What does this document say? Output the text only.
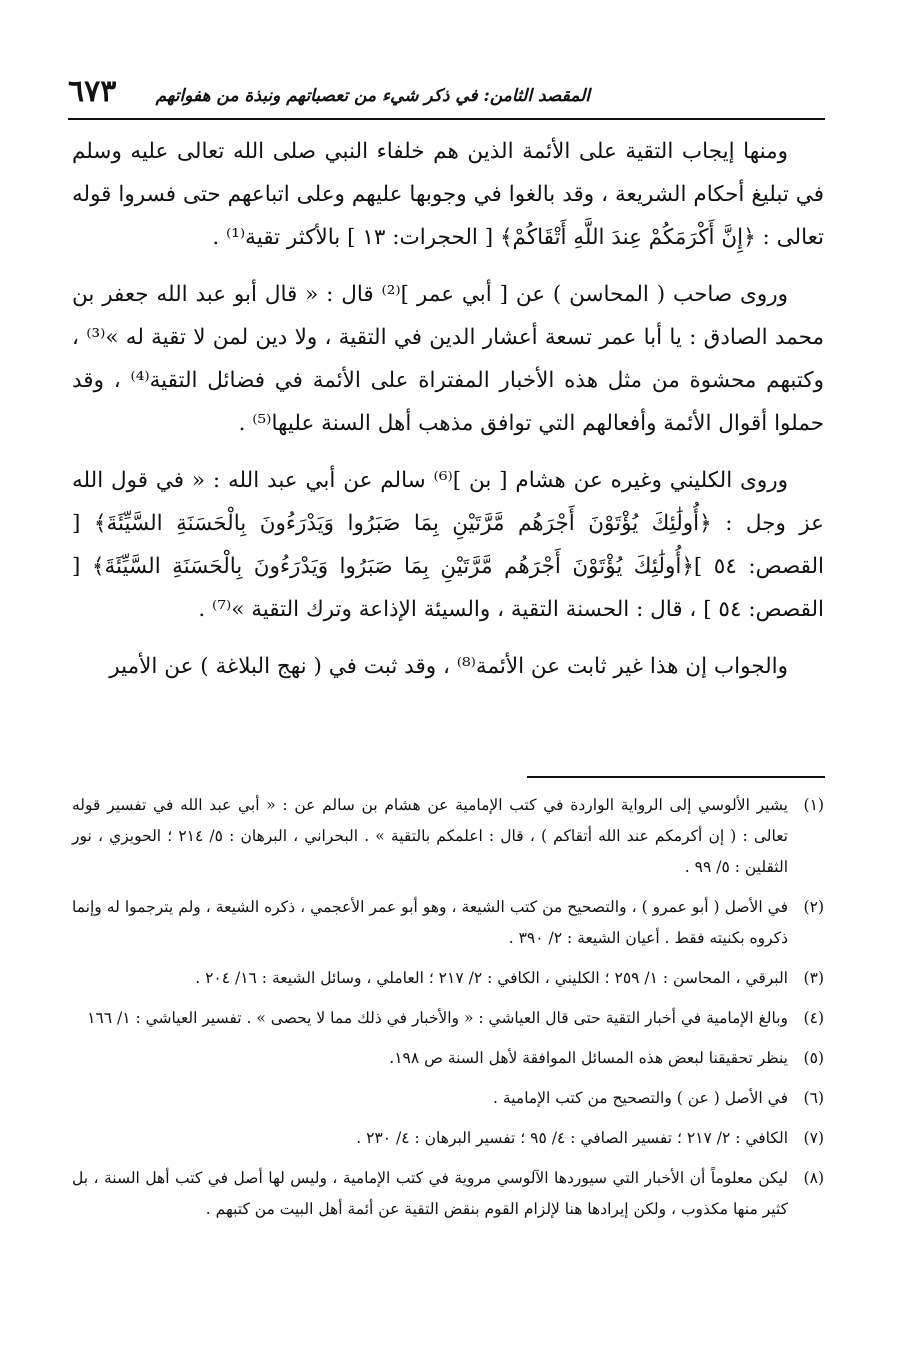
٦٧٣ المقصد الثامن: في ذكر شيء من تعصباتهم ونبذة من هفواتهم

ومنها إيجاب التقية على الأئمة الذين هم خلفاء النبي صلى الله تعالى عليه وسلم في تبليغ أحكام الشريعة ، وقد بالغوا في وجوبها عليهم وعلى اتباعهم حتى فسروا قوله تعالى : ﴿إِنَّ أَكْرَمَكُمْ عِندَ اللَّهِ أَتْقَاكُمْ﴾ [ الحجرات: ١٣ ] بالأكثر تقية⁽¹⁾ .

وروى صاحب ( المحاسن ) عن [ أبي عمر ]⁽²⁾ قال : « قال أبو عبد الله جعفر بن محمد الصادق : يا أبا عمر تسعة أعشار الدين في التقية ، ولا دين لمن لا تقية له »⁽³⁾ ، وكتبهم محشوة من مثل هذه الأخبار المفتراة على الأئمة في فضائل التقية⁽⁴⁾ ، وقد حملوا أقوال الأئمة وأفعالهم التي توافق مذهب أهل السنة عليها⁽⁵⁾ .

وروى الكليني وغيره عن هشام [ بن ]⁽⁶⁾ سالم عن أبي عبد الله : « في قول الله عز وجل : ﴿أُولَٰئِكَ يُؤْتَوْنَ أَجْرَهُم مَّرَّتَيْنِ بِمَا صَبَرُوا وَيَدْرَءُونَ بِالْحَسَنَةِ السَّيِّئَةَ﴾ [ القصص: ٥٤ ]﴿أُولَٰئِكَ يُؤْتَوْنَ أَجْرَهُم مَّرَّتَيْنِ بِمَا صَبَرُوا وَيَدْرَءُونَ بِالْحَسَنَةِ السَّيِّئَةَ﴾ [ القصص: ٥٤ ] ، قال : الحسنة التقية ، والسيئة الإذاعة وترك التقية »⁽⁷⁾ .

والجواب إن هذا غير ثابت عن الأئمة⁽⁸⁾ ، وقد ثبت في ( نهج البلاغة ) عن الأمير

(١)
يشير الألوسي إلى الرواية الواردة في كتب الإمامية عن هشام بن سالم عن : « أبي عبد الله في تفسير قوله تعالى : ( إن أكرمكم عند الله أتقاكم ) ، قال : اعلمكم بالتقية » . البحراني ، البرهان : ٥/ ٢١٤ ؛ الحويزي ، نور الثقلين : ٥/ ٩٩ .
(٢)
في الأصل ( أبو عمرو ) ، والتصحيح من كتب الشيعة ، وهو أبو عمر الأعجمي ، ذكره الشيعة ، ولم يترجموا له وإنما ذكروه بكنيته فقط . أعيان الشيعة : ٢/ ٣٩٠ .
(٣)
البرقي ، المحاسن : ١/ ٢٥٩ ؛ الكليني ، الكافي : ٢/ ٢١٧ ؛ العاملي ، وسائل الشيعة : ١٦/ ٢٠٤ .
(٤)
وبالغ الإمامية في أخبار التقية حتى قال العياشي : « والأخبار في ذلك مما لا يحصى » . تفسير العياشي : ١/ ١٦٦
(٥)
ينظر تحقيقنا لبعض هذه المسائل الموافقة لأهل السنة ص ١٩٨.
(٦)
في الأصل ( عن ) والتصحيح من كتب الإمامية .
(٧)
الكافي : ٢/ ٢١٧ ؛ تفسير الصافي : ٤/ ٩٥ ؛ تفسير البرهان : ٤/ ٢٣٠ .
(٨)
ليكن معلوماً أن الأخبار التي سيوردها الآلوسي مروية في كتب الإمامية ، وليس لها أصل في كتب أهل السنة ، بل كثير منها مكذوب ، ولكن إيرادها هنا لإلزام القوم بنقض التقية عن أئمة أهل البيت من كتبهم .
